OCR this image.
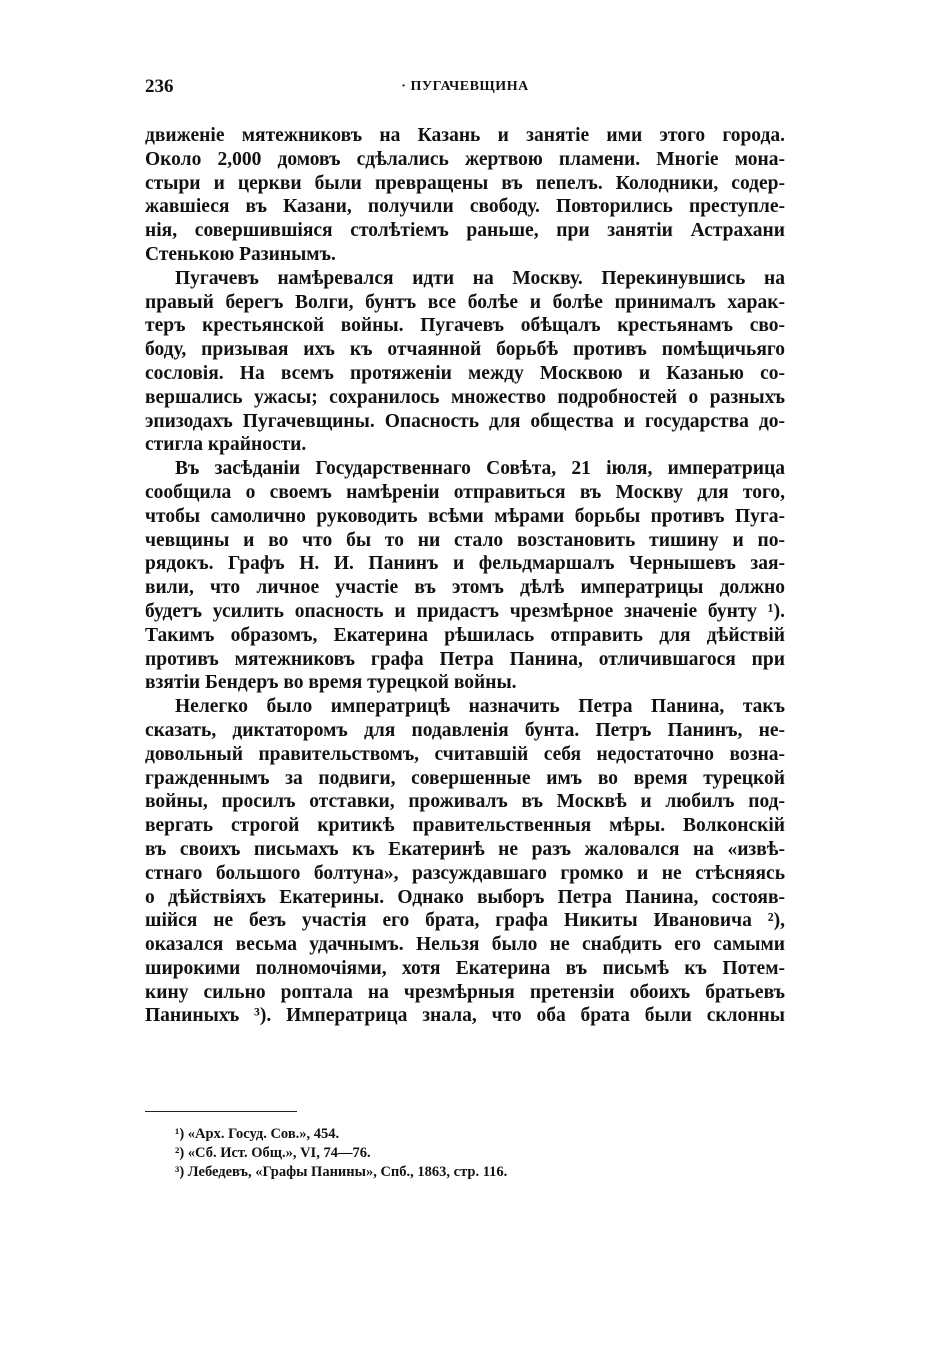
236	· ПУГАЧЕВЩИНА
движеніе мятежниковъ на Казань и занятіе ими этого города.
Около 2,000 домовъ сдѣлались жертвою пламени. Многіе мона-
стыри и церкви были превращены въ пепелъ. Колодники, содер-
жавшіеся въ Казани, получили свободу. Повторились преступле-
нія, совершившіяся столѣтіемъ раньше, при занятіи Астрахани
Стенькою Разинымъ.
Пугачевъ намѣревался идти на Москву. Перекинувшись на
правый берегъ Волги, бунтъ все болѣе и болѣе принималъ харак-
теръ крестьянской войны. Пугачевъ обѣщалъ крестьянамъ сво-
боду, призывая ихъ къ отчаянной борьбѣ противъ помѣщичьяго
сословія. На всемъ протяженіи между Москвою и Казанью со-
вершались ужасы; сохранилось множество подробностей о разныхъ
эпизодахъ Пугачевщины. Опасность для общества и государства до-
стигла крайности.
Въ засѣданіи Государственнаго Совѣта, 21 іюля, императрица
сообщила о своемъ намѣреніи отправиться въ Москву для того,
чтобы самолично руководить всѣми мѣрами борьбы противъ Пуга-
чевщины и во что бы то ни стало возстановить тишину и по-
рядокъ. Графъ Н. И. Панинъ и фельдмаршалъ Чернышевъ зая-
вили, что личное участіе въ этомъ дѣлѣ императрицы должно
будетъ усилить опасность и придастъ чрезмѣрное значеніе бунту ¹).
Такимъ образомъ, Екатерина рѣшилась отправить для дѣйствій
противъ мятежниковъ графа Петра Панина, отличившагося при
взятіи Бендеръ во время турецкой войны.
Нелегко было императрицѣ назначить Петра Панина, такъ
сказать, диктаторомъ для подавленія бунта. Петръ Панинъ, не-
довольный правительствомъ, считавшій себя недостаточно возна-
гражденнымъ за подвиги, совершенные имъ во время турецкой
войны, просилъ отставки, проживалъ въ Москвѣ и любилъ под-
вергать строгой критикѣ правительственныя мѣры. Волконскій
въ своихъ письмахъ къ Екатеринѣ не разъ жаловался на «извѣ-
стнаго большого болтуна», разсуждавшаго громко и не стѣсняясь
о дѣйствіяхъ Екатерины. Однако выборъ Петра Панина, состояв-
шійся не безъ участія его брата, графа Никиты Ивановича ²),
оказался весьма удачнымъ. Нельзя было не снабдить его самыми
широкими полномочіями, хотя Екатерина въ письмѣ къ Потем-
кину сильно роптала на чрезмѣрныя претензіи обоихъ братьевъ
Паниныхъ ³). Императрица знала, что оба брата были склонны
¹) «Арх. Госуд. Сов.», 454.
²) «Сб. Ист. Общ.», VI, 74—76.
³) Лебедевъ, «Графы Панины», Спб., 1863, стр. 116.
